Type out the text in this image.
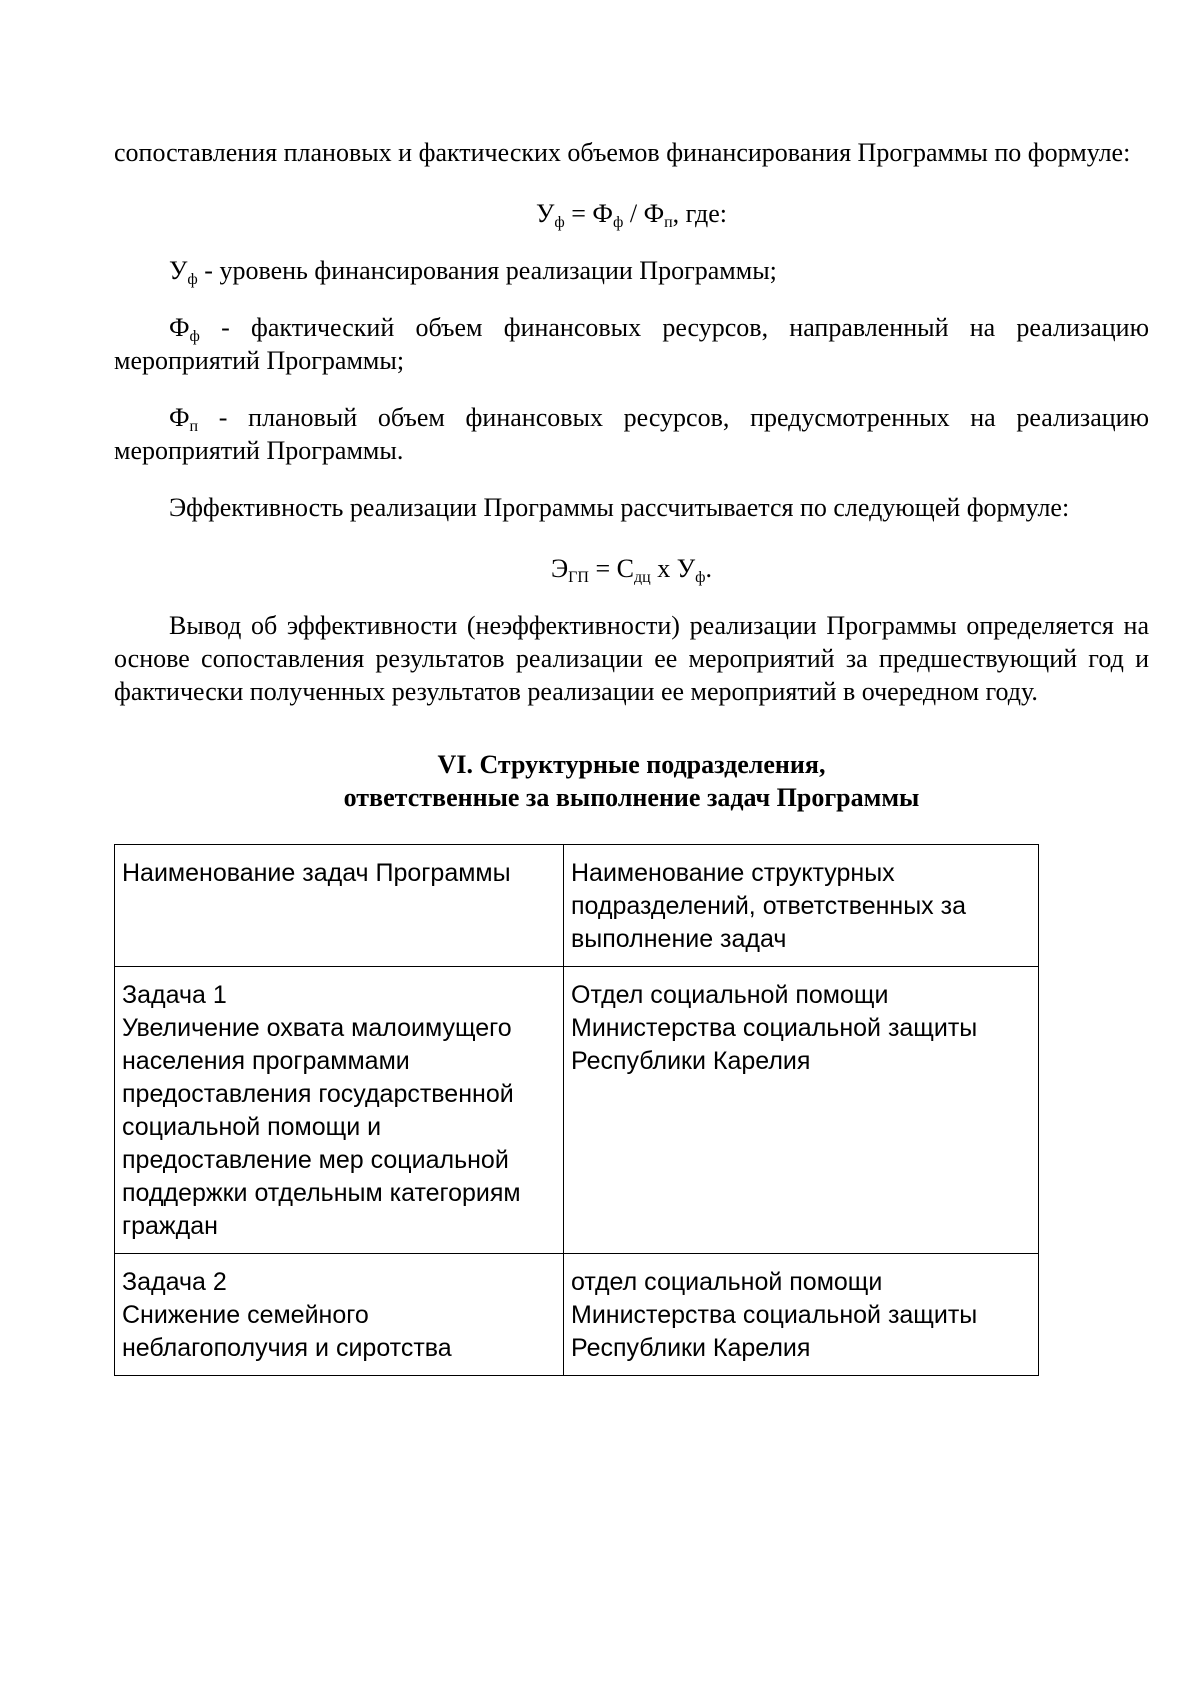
сопоставления плановых и фактических объемов финансирования Программы по формуле:

$У_ф = Ф_ф / Ф_п$, где:

$У_ф$ - уровень финансирования реализации Программы;

$Ф_ф$ - фактический объем финансовых ресурсов, направленный на реализацию мероприятий Программы;

$Ф_п$ - плановый объем финансовых ресурсов, предусмотренных на реализацию мероприятий Программы.

Эффективность реализации Программы рассчитывается по следующей формуле:

$Э_{ГП} = С_{дц}$ х $У_ф$.

Вывод об эффективности (неэффективности) реализации Программы определяется на основе сопоставления результатов реализации ее мероприятий за предшествующий год и фактически полученных результатов реализации ее мероприятий в очередном году.

VI. Структурные подразделения,
ответственные за выполнение задач Программы
Наименование задач Программы	Наименование структурных подразделений, ответственных за выполнение задач

Задача 1
Увеличение охвата малоимущего населения программами предоставления государственной социальной помощи и предоставление мер социальной поддержки отдельным категориям граждан	Отдел социальной помощи Министерства социальной защиты Республики Карелия

Задача 2
Снижение семейного неблагополучия и сиротства	отдел социальной помощи Министерства социальной защиты Республики Карелия
